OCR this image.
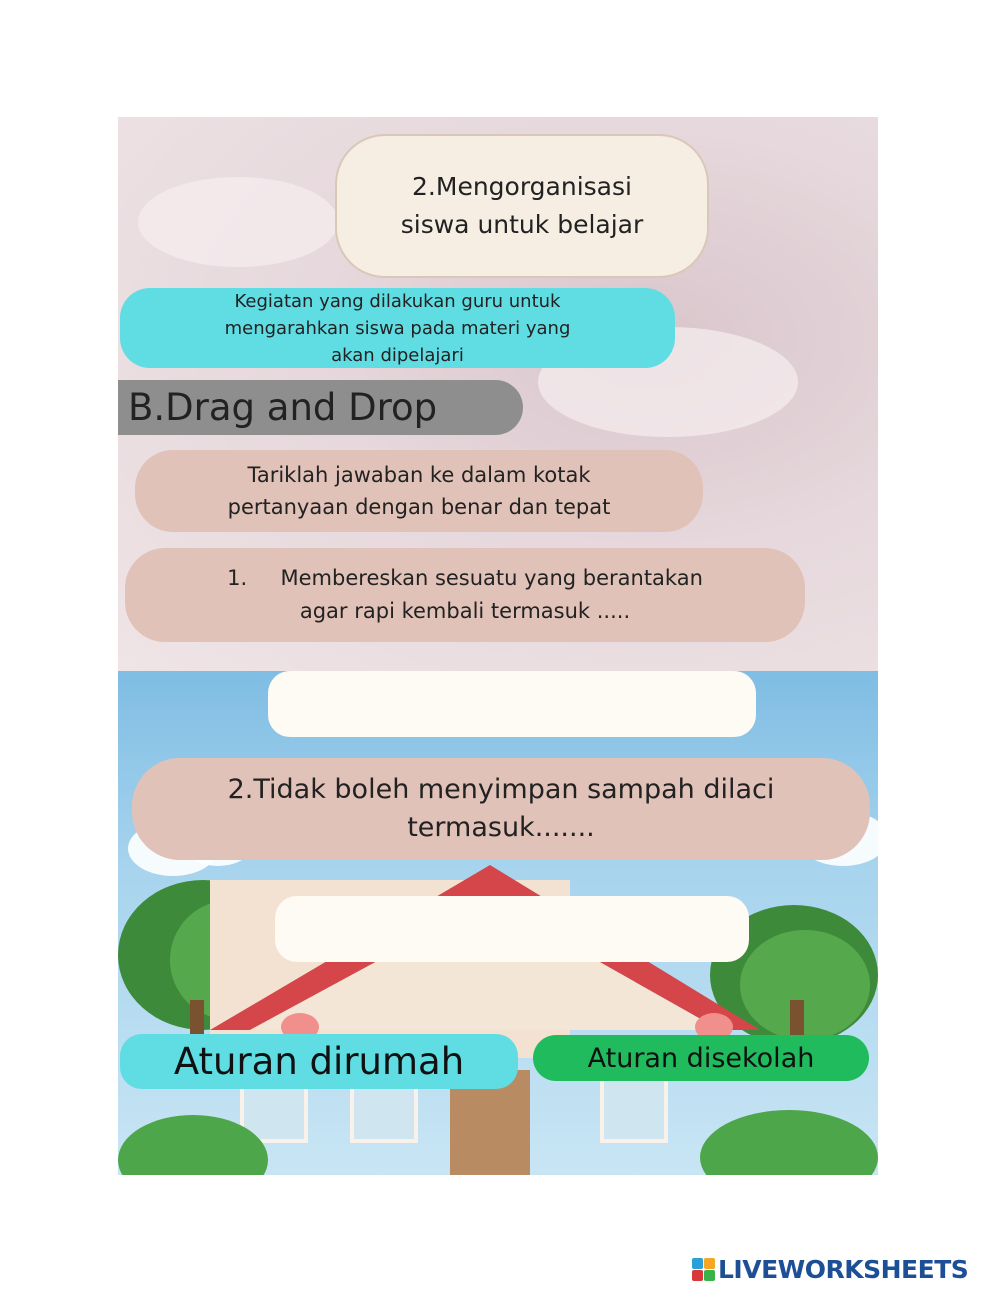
2.Mengorganisasi
siswa untuk belajar
Kegiatan yang dilakukan guru untuk
mengarahkan siswa pada materi yang
akan dipelajari
B.Drag and Drop
Tariklah jawaban ke dalam kotak
pertanyaan dengan benar dan tepat
1.     Membereskan sesuatu yang berantakan
agar rapi kembali termasuk .....
2.Tidak boleh menyimpan sampah dilaci
termasuk.......
Aturan dirumah	Aturan disekolah
LIVEWORKSHEETS
